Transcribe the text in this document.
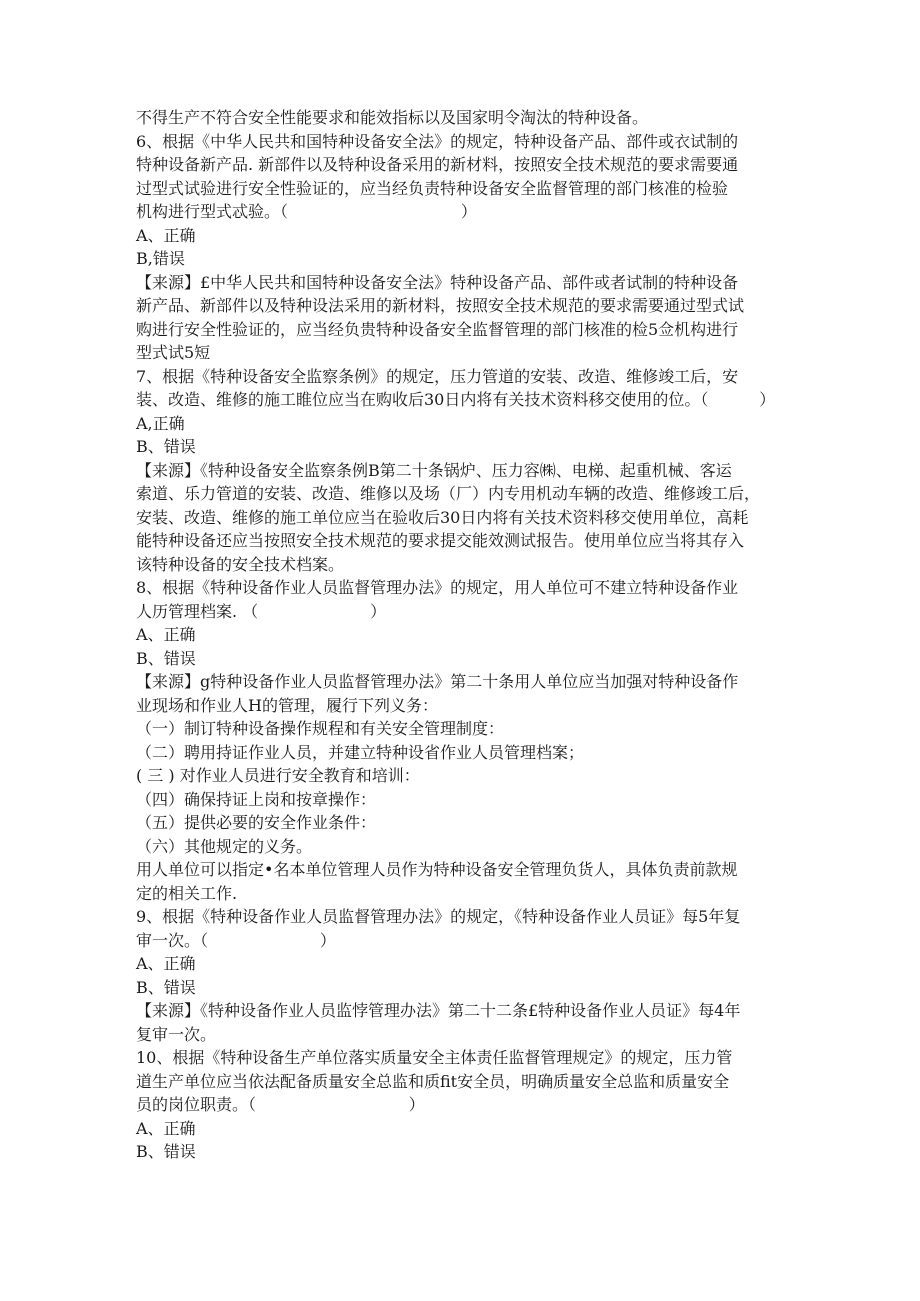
不得生产不符合安全性能要求和能效指标以及国家明令淘汰的特种设备。
6、根据《中华人民共和国特种设备安全法》的规定，特种设备产品、部件或衣试制的
特种设备新产品. 新部件以及特种设备采用的新材料，按照安全技术规范的要求需要通
过型式试验进行安全性验证的，应当经负责特种设备安全监督管理的部门核准的检验
机构进行型式忒验。（                                  ）
A、正确
B,错误
【来源】£中华人民共和国特种设备安全法》特种设备产品、部件或者试制的特种设备
新产品、新部件以及特种设法采用的新材料，按照安全技术规范的要求需要通过型式试
购进行安全性验证的，应当经负贵特种设备安全监督管理的部门核准的检5佥机构进行
型式试5短
7、根据《特种设备安全监察条例》的规定，压力管道的安装、改造、维修竣工后，安
装、改造、维修的施工睢位应当在购收后30日内将有关技术资料移交使用的位。（          ）
A,正确
B、错误
【来源】《特种设备安全监察条例B第二十条锅炉、压力容㈱、电梯、起重机械、客运
索道、乐力管道的安装、改造、维修以及场（厂）内专用机动车辆的改造、维修竣工后，
安装、改造、维修的施工单位应当在验收后30日内将有关技术资料移交使用单位，高耗
能特种设备还应当按照安全技术规范的要求提交能效测试报告。使用单位应当将其存入
该特种设备的安全技术档案。
8、根据《特种设备作业人员监督管理办法》的规定，用人单位可不建立特种设备作业
人历管理档案. （                      ）
A、正确
B、错误
【来源】g特种设备作业人员监督管理办法》第二十条用人单位应当加强对特种设备作
业现场和作业人H的管理，履行下列义务：
（一）制订特种设备操作规程和有关安全管理制度：
（二）聘用持证作业人员，并建立特种设省作业人员管理档案；
( 三 ) 对作业人员进行安全教育和培训：
（四）确保持证上岗和按章操作：
（五）提供必要的安全作业条件：
（六）其他规定的义务。
用人单位可以指定•名本单位管理人员作为特种设备安全管理负货人，具体负责前款规
定的相关工作.
9、根据《特种设备作业人员监督管理办法》的规定，《特种设备作业人员证》每5年复
审一次。（                      ）
A、正确
B、错误
【来源】《特种设备作业人员监悖管理办法》第二十二条£特种设备作业人员证》每4年
复审一次。
10、根据《特种设备生产单位落实质量安全主体责任监督管理规定》的规定，压力管
道生产单位应当依法配备质量安全总监和质fit安全员，明确质量安全总监和质量安全
员的岗位职责。（                              ）
A、正确
B、错误
